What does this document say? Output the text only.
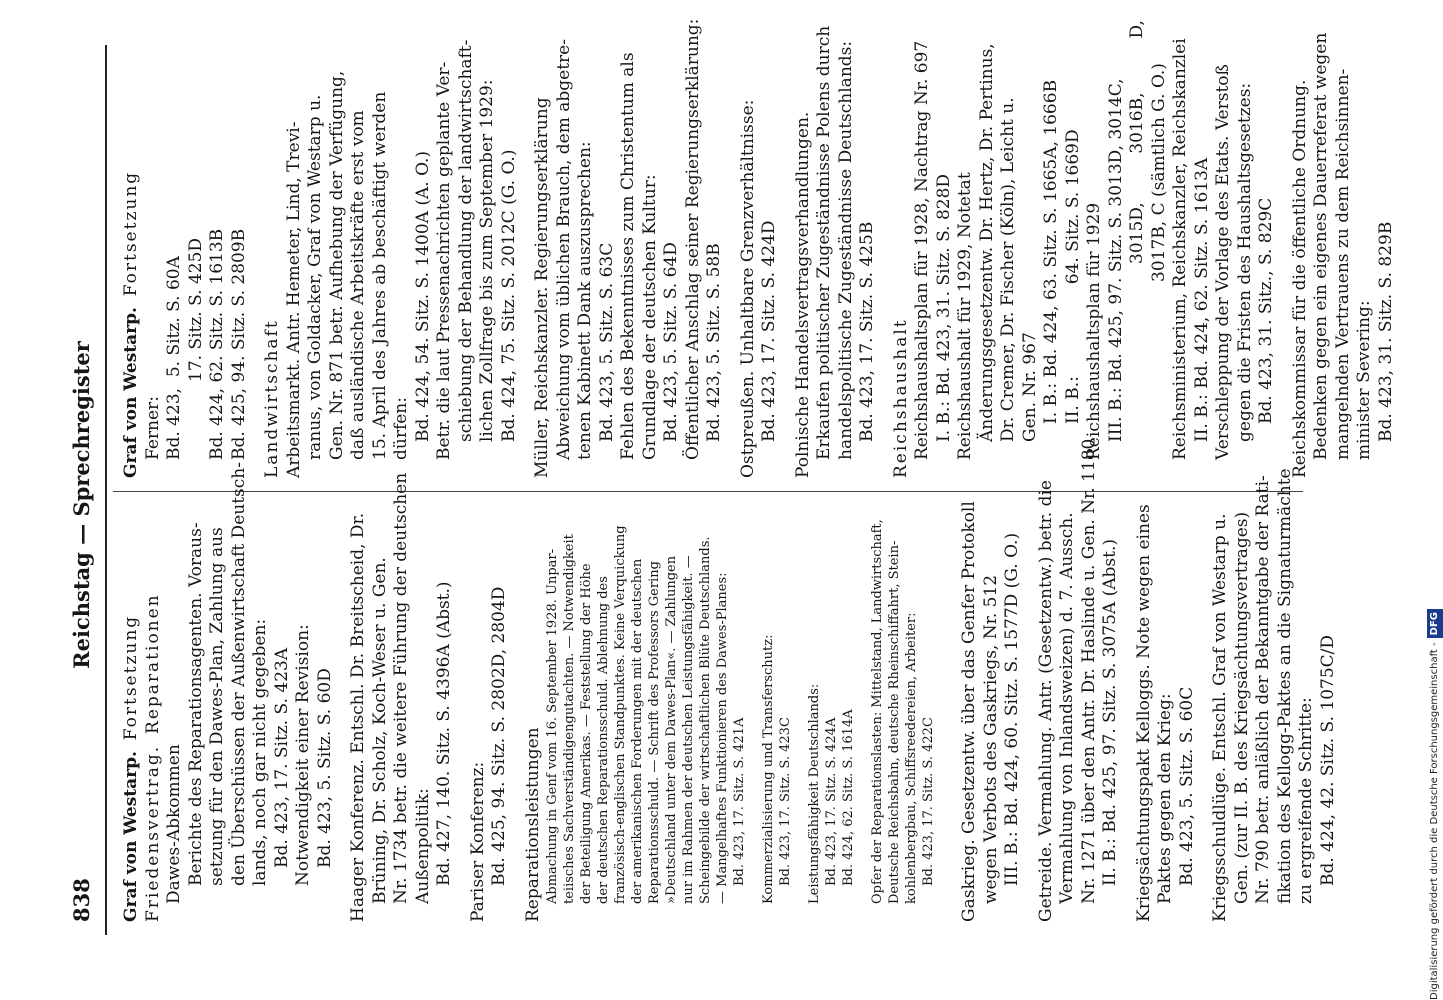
838
Reichstag — Sprechregister
Graf von Westarp.  Fortsetzung
Friedensvertrag.  Reparationen
Dawes-Abkommen Berichte des Reparationsagenten. Voraus- setzung für den Dawes-Plan, Zahlung aus den Überschüssen der Außenwirtschaft Deutsch- lands, noch gar nicht gegeben: Bd. 423, 17. Sitz. S. 423A Notwendigkeit einer Revision: Bd. 423, 5. Sitz. S. 60D Haager Konferenz. Entschl. Dr. Breitscheid, Dr. Brüning, Dr. Scholz, Koch-Weser u. Gen. Nr. 1734 betr. die weitere Führung der deutschen Außenpolitik: Bd. 427, 140. Sitz. S. 4396A (Abst.) Pariser Konferenz: Bd. 425, 94. Sitz. S. 2802D, 2804D Reparationsleistungen Abmachung in Genf vom 16. September 1928. Unpar- teiisches Sachverständigengutachten. — Notwendigkeit der Beteiligung Amerikas. — Feststellung der Höhe der deutschen Reparationsschuld. Ablehnung des französisch-englischen Standpunktes. Keine Verquickung der amerikanischen Forderungen mit der deutschen Reparationsschuld. — Schrift des Professors Gering »Deutschland unter dem Dawes-Plan«. — Zahlungen nur im Rahmen der deutschen Leistungsfähigkeit. — Scheingebilde der wirtschaftlichen Blüte Deutschlands. — Mangelhaftes Funktionieren des Dawes-Planes: Bd. 423, 17. Sitz. S. 421A Kommerzialisierung und Transferschutz: Bd. 423, 17. Sitz. S. 423C Leistungsfähigkeit Deutschlands: Bd. 423, 17. Sitz. S. 424A Bd. 424, 62. Sitz. S. 1614A Opfer der Reparationslasten: Mittelstand, Landwirtschaft, Deutsche Reichsbahn, deutsche Rheinschiffahrt, Stein- kohlenbergbau, Schiffsreedereien, Arbeiter: Bd. 423, 17. Sitz. S. 422C Gaskrieg. Gesetzentw. über das Genfer Protokoll wegen Verbots des Gaskriegs, Nr. 512 III. B.: Bd. 424, 60. Sitz. S. 1577D (G. O.) Getreide. Vermahlung. Antr. (Gesetzentw.) betr. die Vermahlung von Inlandsweizen) d. 7. Aussch. Nr. 1271 über den Antr. Dr. Haslinde u. Gen. Nr. 1180 II. B.: Bd. 425, 97. Sitz. S. 3075A (Abst.) Kriegsächtungspakt Kelloggs. Note wegen eines Paktes gegen den Krieg: Bd. 423, 5. Sitz. S. 60C Kriegsschuldlüge. Entschl. Graf von Westarp u. Gen. (zur II. B. des Kriegsächtungsvertrages) Nr. 790 betr. anläßlich der Bekanntgabe der Rati- fikation des Kellogg-Paktes an die Signaturmächte zu ergreifende Schritte: Bd. 424, 42. Sitz. S. 1075C/D
Graf von Westarp.  Fortsetzung
Ferner: Bd. 423,  5. Sitz. S. 60A 17. Sitz. S. 425D Bd. 424, 62. Sitz. S. 1613B Bd. 425, 94. Sitz. S. 2809B Landwirtschaft Arbeitsmarkt. Antr. Hemeter, Lind, Trevi- ranus, von Goldacker, Graf von Westarp u. Gen. Nr. 871 betr. Aufhebung der Verfügung, daß ausländische Arbeitskräfte erst vom 15. April des Jahres ab beschäftigt werden dürfen: Bd. 424, 54. Sitz. S. 1400A (A. O.) Betr. die laut Pressenachrichten geplante Ver- schiebung der Behandlung der landwirtschaft- lichen Zollfrage bis zum September 1929: Bd. 424, 75. Sitz. S. 2012C (G. O.) Müller, Reichskanzler. Regierungserklärung Abweichung vom üblichen Brauch, dem abgetre- tenen Kabinett Dank auszusprechen: Bd. 423, 5. Sitz. S. 63C Fehlen des Bekenntnisses zum Christentum als Grundlage der deutschen Kultur: Bd. 423, 5. Sitz. S. 64D Öffentlicher Anschlag seiner Regierungserklärung: Bd. 423, 5. Sitz. S. 58B Ostpreußen. Unhaltbare Grenzverhältnisse: Bd. 423, 17. Sitz. S. 424D Polnische Handelsvertragsverhandlungen. Erkaufen politischer Zugeständnisse Polens durch handelspolitische Zugeständnisse Deutschlands: Bd. 423, 17. Sitz. S. 425B Reichshaushalt Reichshaushaltsplan für 1928, Nachtrag Nr. 697 I. B.: Bd. 423, 31. Sitz. S. 828D Reichshaushalt für 1929, Notetat Änderungsgesetzentw. Dr. Hertz, Dr. Pertinus, Dr. Cremer, Dr. Fischer (Köln), Leicht u. Gen. Nr. 967 I. B.: Bd. 424, 63. Sitz. S. 1665A, 1666B II. B.:                 64. Sitz. S. 1669D Reichshaushaltsplan für 1929 III. B.: Bd. 425, 97. Sitz. S. 3013D, 3014C, 3015D,         3016B,          D, 3017B, C (sämtlich G. O.) Reichsministerium, Reichskanzler, Reichskanzlei II. B.: Bd. 424, 62. Sitz. S. 1613A Verschleppung der Vorlage des Etats. Verstoß gegen die Fristen des Haushaltsgesetzes: Bd. 423, 31. Sitz., S. 829C Reichskommissar für die öffentliche Ordnung. Bedenken gegen ein eigenes Dauerreferat wegen mangelnden Vertrauens zu dem Reichsinnen- minister Severing: Bd. 423, 31. Sitz. S. 829B
Digitalisierung gefördert durch die Deutsche Forschungsgemeinschaft -DFG
